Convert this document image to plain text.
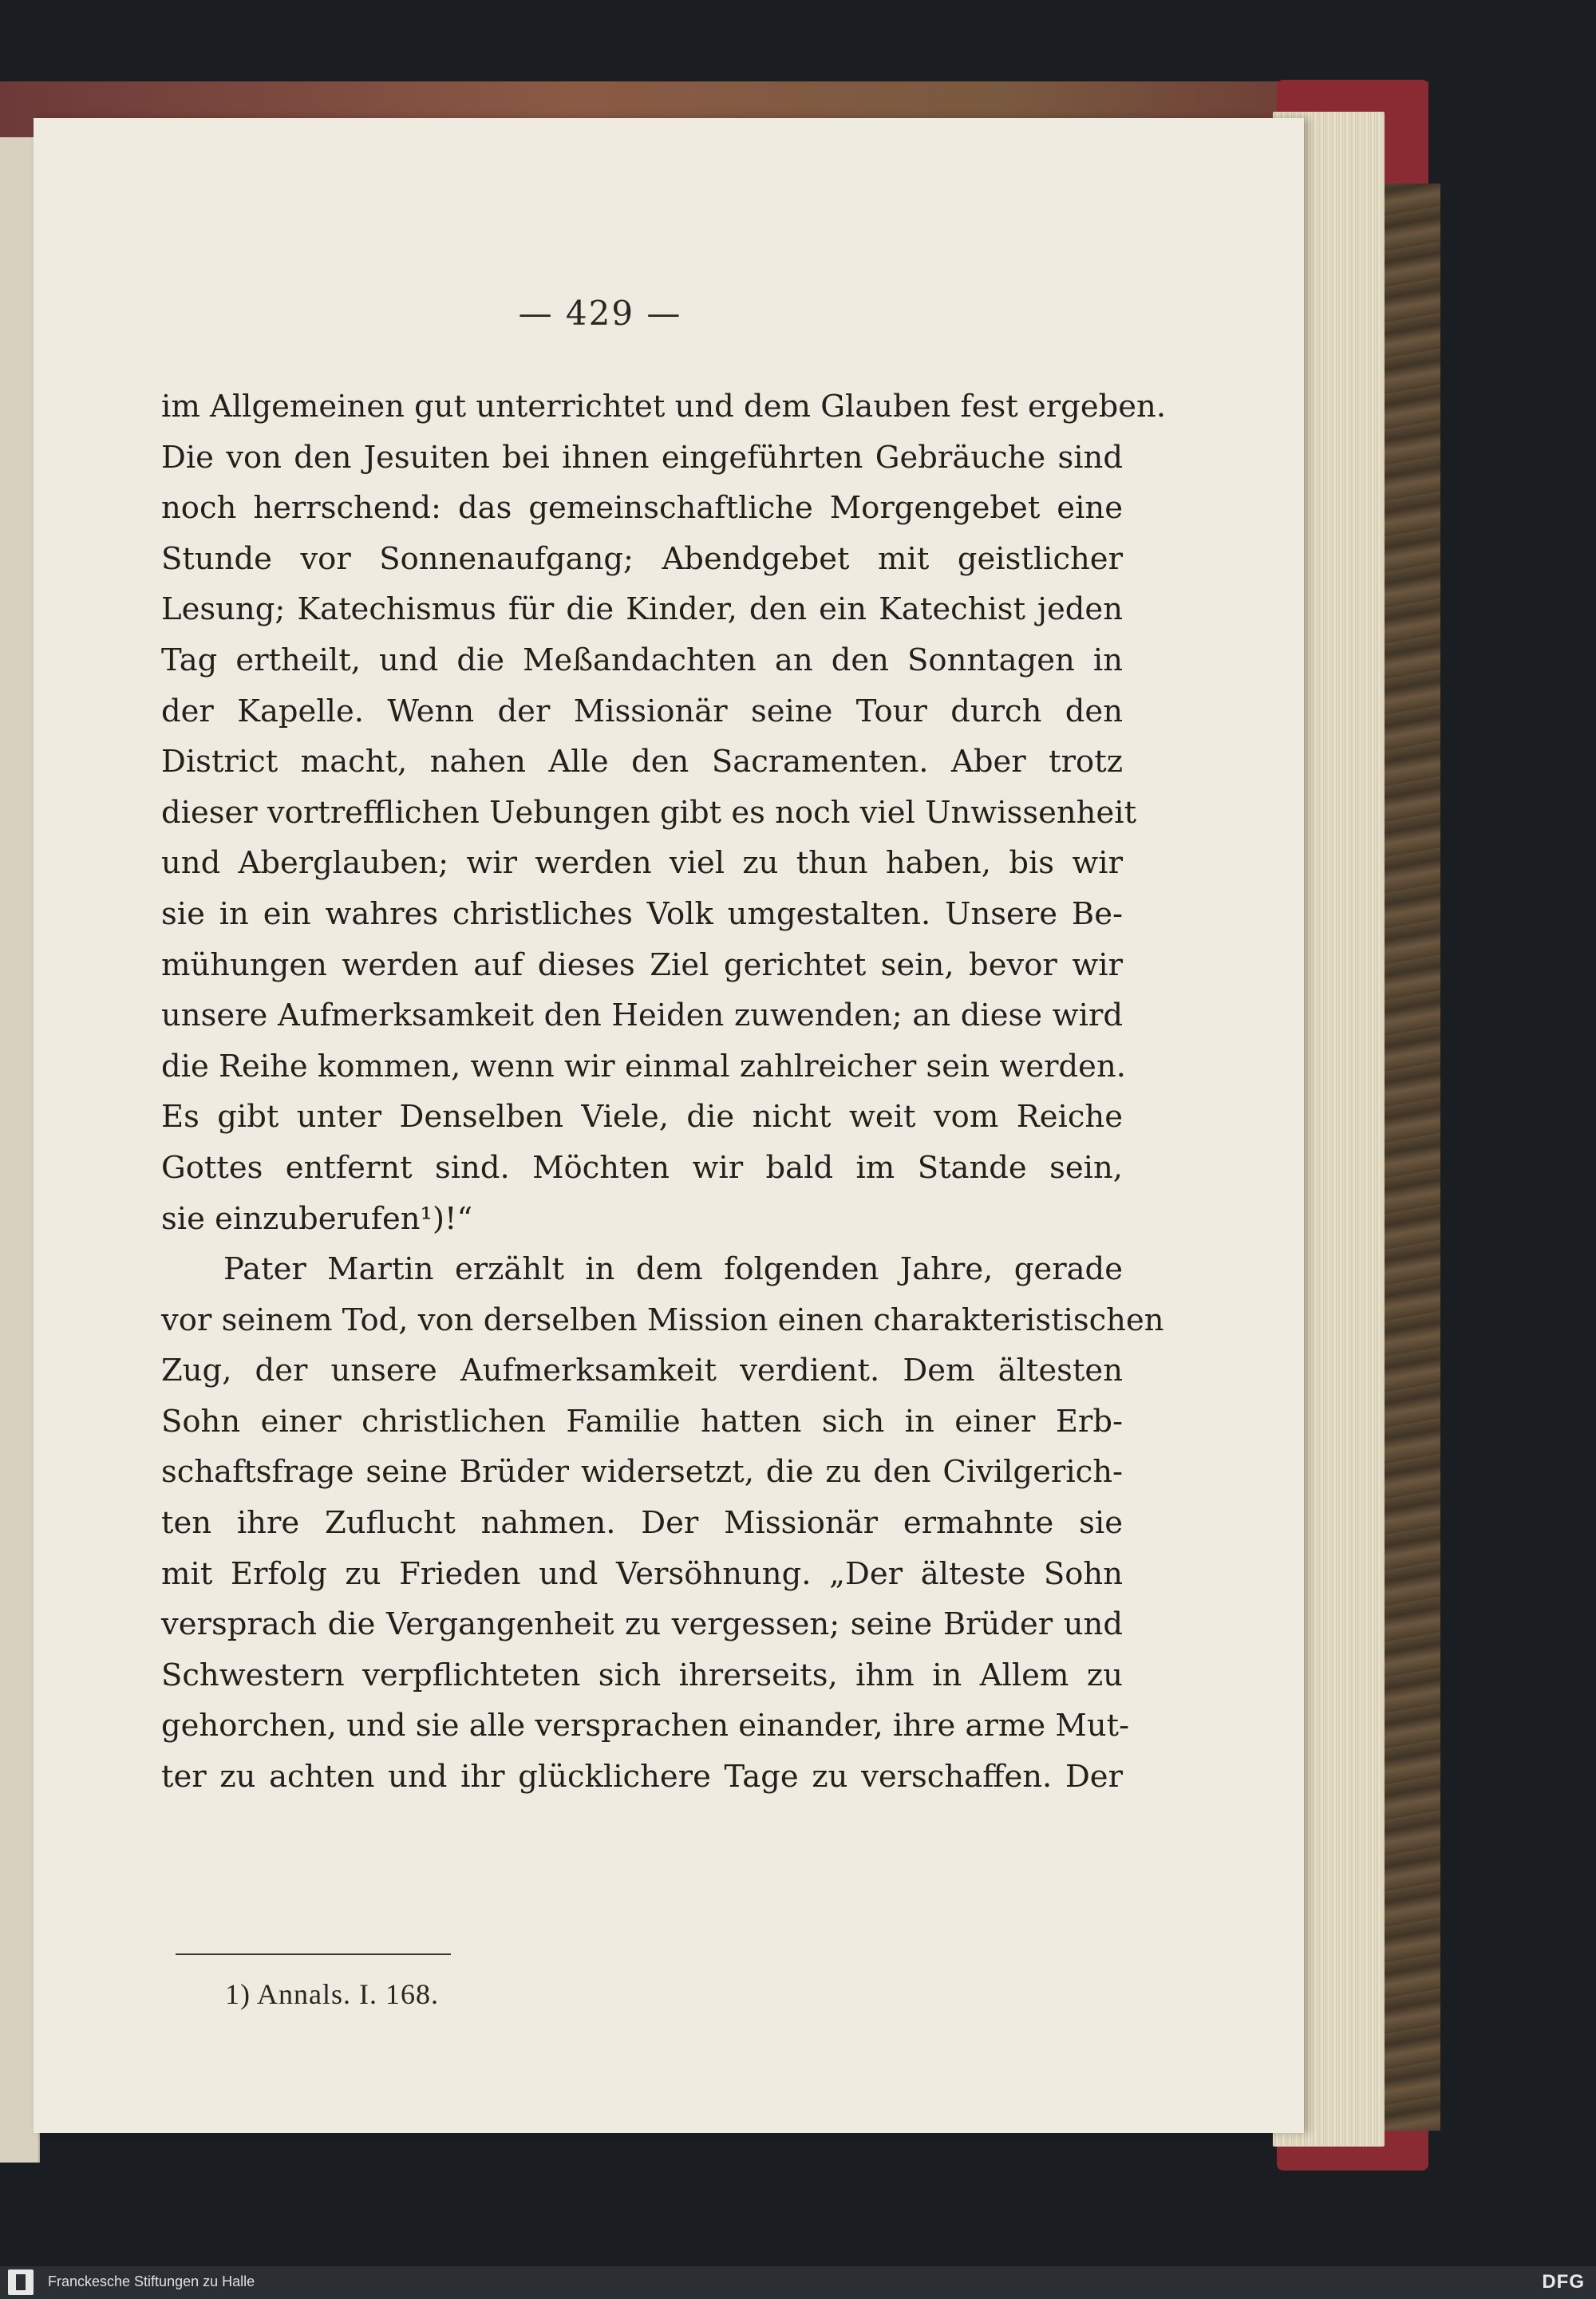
— 429 —
im Allgemeinen gut unterrichtet und dem Glauben fest ergeben.
Die von den Jesuiten bei ihnen eingeführten Gebräuche sind
noch herrschend: das gemeinschaftliche Morgengebet eine
Stunde vor Sonnenaufgang; Abendgebet mit geistlicher
Lesung; Katechismus für die Kinder, den ein Katechist jeden
Tag ertheilt, und die Meßandachten an den Sonntagen in
der Kapelle. Wenn der Missionär seine Tour durch den
District macht, nahen Alle den Sacramenten. Aber trotz
dieser vortrefflichen Uebungen gibt es noch viel Unwissenheit
und Aberglauben; wir werden viel zu thun haben, bis wir
sie in ein wahres christliches Volk umgestalten. Unsere Be-
mühungen werden auf dieses Ziel gerichtet sein, bevor wir
unsere Aufmerksamkeit den Heiden zuwenden; an diese wird
die Reihe kommen, wenn wir einmal zahlreicher sein werden.
Es gibt unter Denselben Viele, die nicht weit vom Reiche
Gottes entfernt sind. Möchten wir bald im Stande sein,
sie einzuberufen¹)!“
Pater Martin erzählt in dem folgenden Jahre, gerade
vor seinem Tod, von derselben Mission einen charakteristischen
Zug, der unsere Aufmerksamkeit verdient. Dem ältesten
Sohn einer christlichen Familie hatten sich in einer Erb-
schaftsfrage seine Brüder widersetzt, die zu den Civilgerich-
ten ihre Zuflucht nahmen. Der Missionär ermahnte sie
mit Erfolg zu Frieden und Versöhnung. „Der älteste Sohn
versprach die Vergangenheit zu vergessen; seine Brüder und
Schwestern verpflichteten sich ihrerseits, ihm in Allem zu
gehorchen, und sie alle versprachen einander, ihre arme Mut-
ter zu achten und ihr glücklichere Tage zu verschaffen. Der
1) Annals. I. 168.
Franckesche Stiftungen zu Halle	DFG
